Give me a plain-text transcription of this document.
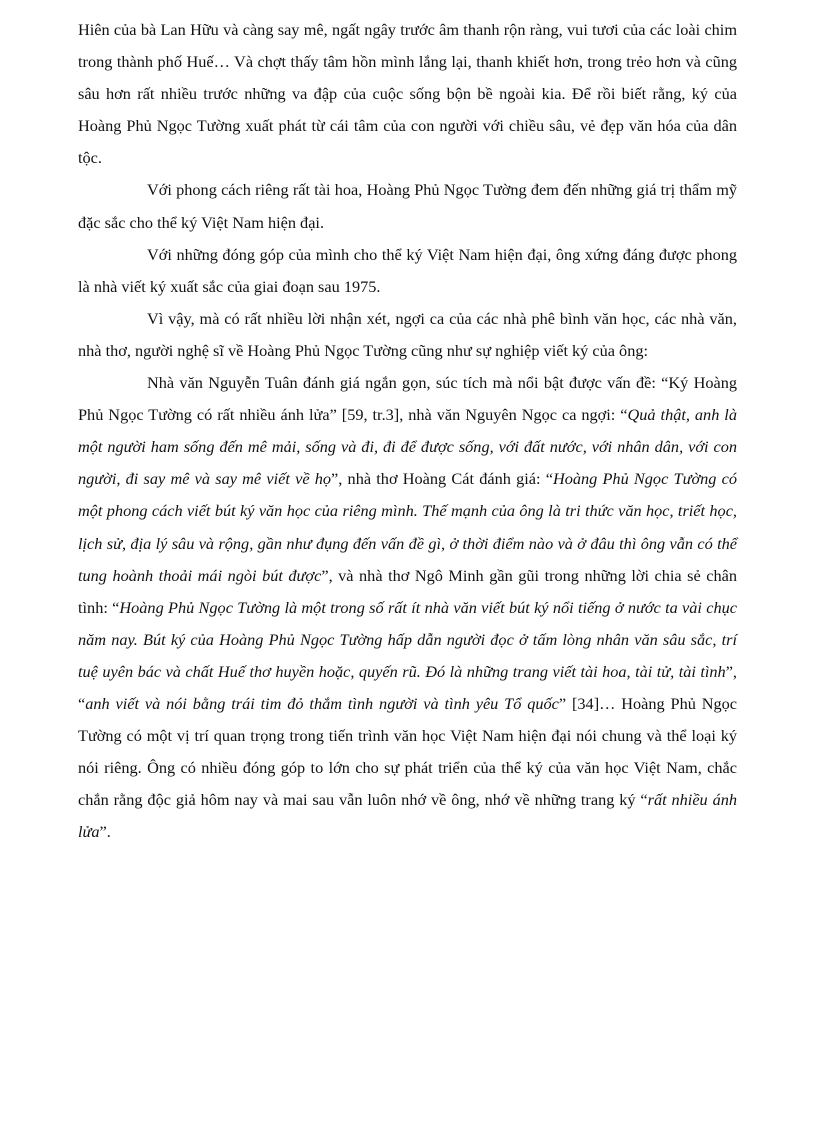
Hiên của bà Lan Hữu và càng say mê, ngất ngây trước âm thanh rộn ràng, vui tươi của các loài chim trong thành phố Huế… Và chợt thấy tâm hồn mình lắng lại, thanh khiết hơn, trong trẻo hơn và cũng sâu hơn rất nhiều trước những va đập của cuộc sống bộn bề ngoài kia. Để rồi biết rằng, ký của Hoàng Phủ Ngọc Tường xuất phát từ cái tâm của con người với chiều sâu, vẻ đẹp văn hóa của dân tộc.

Với phong cách riêng rất tài hoa, Hoàng Phủ Ngọc Tường đem đến những giá trị thẩm mỹ đặc sắc cho thể ký Việt Nam hiện đại.

Với những đóng góp của mình cho thể ký Việt Nam hiện đại, ông xứng đáng được phong là nhà viết ký xuất sắc của giai đoạn sau 1975.

Vì vậy, mà có rất nhiều lời nhận xét, ngợi ca của các nhà phê bình văn học, các nhà văn, nhà thơ, người nghệ sĩ về Hoàng Phủ Ngọc Tường cũng như sự nghiệp viết ký của ông:

Nhà văn Nguyễn Tuân đánh giá ngắn gọn, súc tích mà nổi bật được vấn đề: “Ký Hoàng Phủ Ngọc Tường có rất nhiều ánh lửa” [59, tr.3], nhà văn Nguyên Ngọc ca ngợi: “Quả thật, anh là một người ham sống đến mê mải, sống và đi, đi để được sống, với đất nước, với nhân dân, với con người, đi say mê và say mê viết về họ”, nhà thơ Hoàng Cát đánh giá: “Hoàng Phủ Ngọc Tường có một phong cách viết bút ký văn học của riêng mình. Thế mạnh của ông là tri thức văn học, triết học, lịch sử, địa lý sâu và rộng, gần như đụng đến vấn đề gì, ở thời điểm nào và ở đâu thì ông vẫn có thể tung hoành thoải mái ngòi bút được”, và nhà thơ Ngô Minh gần gũi trong những lời chia sẻ chân tình: “Hoàng Phủ Ngọc Tường là một trong số rất ít nhà văn viết bút ký nổi tiếng ở nước ta vài chục năm nay. Bút ký của Hoàng Phủ Ngọc Tường hấp dẫn người đọc ở tấm lòng nhân văn sâu sắc, trí tuệ uyên bác và chất Huế thơ huyền hoặc, quyến rũ. Đó là những trang viết tài hoa, tài tử, tài tình”, “anh viết và nói bằng trái tim đỏ thắm tình người và tình yêu Tổ quốc” [34]… Hoàng Phủ Ngọc Tường có một vị trí quan trọng trong tiến trình văn học Việt Nam hiện đại nói chung và thể loại ký nói riêng. Ông có nhiều đóng góp to lớn cho sự phát triển của thể ký của văn học Việt Nam, chắc chắn rằng độc giả hôm nay và mai sau vẫn luôn nhớ về ông, nhớ về những trang ký “rất nhiều ánh lửa”.
